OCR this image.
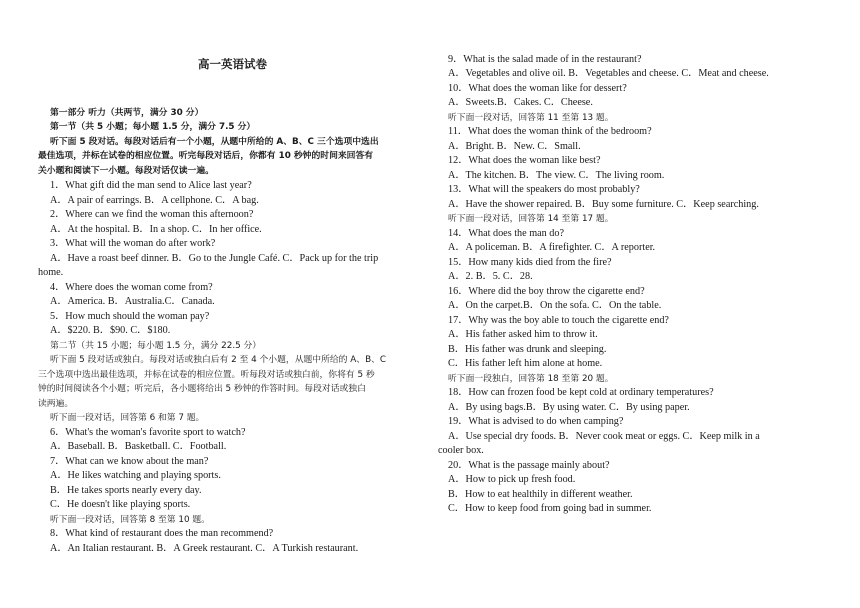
高一英语试卷
第一部分 听力（共两节，满分 30 分）
第一节（共 5 小题；每小题 1.5 分，满分 7.5 分）
听下面 5 段对话。每段对话后有一个小题，从题中所给的 A、B、C 三个选项中选出
最佳选项，并标在试卷的相应位置。听完每段对话后，你都有 10 秒钟的时间来回答有
关小题和阅读下一小题。每段对话仅读一遍。
1．What gift did the man send to Alice last year?
A．A pair of earrings. B．A cellphone. C．A bag.
2．Where can we find the woman this afternoon?
A．At the hospital. B．In a shop. C．In her office.
3．What will the woman do after work?
A．Have a roast beef dinner. B．Go to the Jungle Café. C．Pack up for the trip
home.
4．Where does the woman come from?
A．America. B．Australia.C．Canada.
5．How much should the woman pay?
A．$220. B．$90. C．$180.
第二节（共 15 小题；每小题 1.5 分，满分 22.5 分）
听下面 5 段对话或独白。每段对话或独白后有 2 至 4 个小题，从题中所给的 A、B、C
三个选项中选出最佳选项，并标在试卷的相应位置。听每段对话或独白前，你将有 5 秒
钟的时间阅读各个小题；听完后，各小题将给出 5 秒钟的作答时间。每段对话或独白
读两遍。
听下面一段对话，回答第 6 和第 7 题。
6．What's the woman's favorite sport to watch?
A．Baseball. B．Basketball. C．Football.
7．What can we know about the man?
A．He likes watching and playing sports.
B．He takes sports nearly every day.
C．He doesn't like playing sports.
听下面一段对话，回答第 8 至第 10 题。
8．What kind of restaurant does the man recommend?
A．An Italian restaurant. B．A Greek restaurant. C．A Turkish restaurant.
9．What is the salad made of in the restaurant?
A．Vegetables and olive oil. B．Vegetables and cheese. C．Meat and cheese.
10．What does the woman like for dessert?
A．Sweets.B．Cakes. C．Cheese.
听下面一段对话，回答第 11 至第 13 题。
11．What does the woman think of the bedroom?
A．Bright. B．New. C．Small.
12．What does the woman like best?
A．The kitchen. B．The view. C．The living room.
13．What will the speakers do most probably?
A．Have the shower repaired. B．Buy some furniture. C．Keep searching.
听下面一段对话，回答第 14 至第 17 题。
14．What does the man do?
A．A policeman. B．A firefighter. C．A reporter.
15．How many kids died from the fire?
A．2. B．5. C．28.
16．Where did the boy throw the cigarette end?
A．On the carpet.B．On the sofa. C．On the table.
17．Why was the boy able to touch the cigarette end?
A．His father asked him to throw it.
B．His father was drunk and sleeping.
C．His father left him alone at home.
听下面一段独白，回答第 18 至第 20 题。
18．How can frozen food be kept cold at ordinary temperatures?
A．By using bags.B．By using water. C．By using paper.
19．What is advised to do when camping?
A．Use special dry foods. B．Never cook meat or eggs. C．Keep milk in a
cooler box.
20．What is the passage mainly about?
A．How to pick up fresh food.
B．How to eat healthily in different weather.
C．How to keep food from going bad in summer.
